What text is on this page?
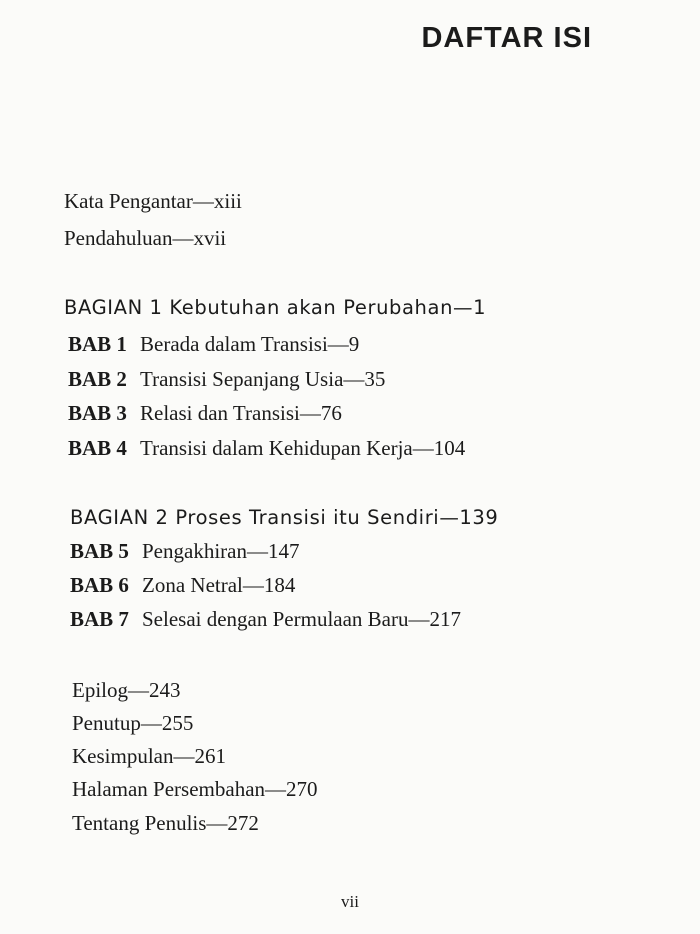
DAFTAR ISI
Kata Pengantar—xiii
Pendahuluan—xvii
BAGIAN 1 Kebutuhan akan Perubahan—1
BAB 1 Berada dalam Transisi—9
BAB 2 Transisi Sepanjang Usia—35
BAB 3 Relasi dan Transisi—76
BAB 4 Transisi dalam Kehidupan Kerja—104
BAGIAN 2 Proses Transisi itu Sendiri—139
BAB 5 Pengakhiran—147
BAB 6 Zona Netral—184
BAB 7 Selesai dengan Permulaan Baru—217
Epilog—243
Penutup—255
Kesimpulan—261
Halaman Persembahan—270
Tentang Penulis—272
vii
